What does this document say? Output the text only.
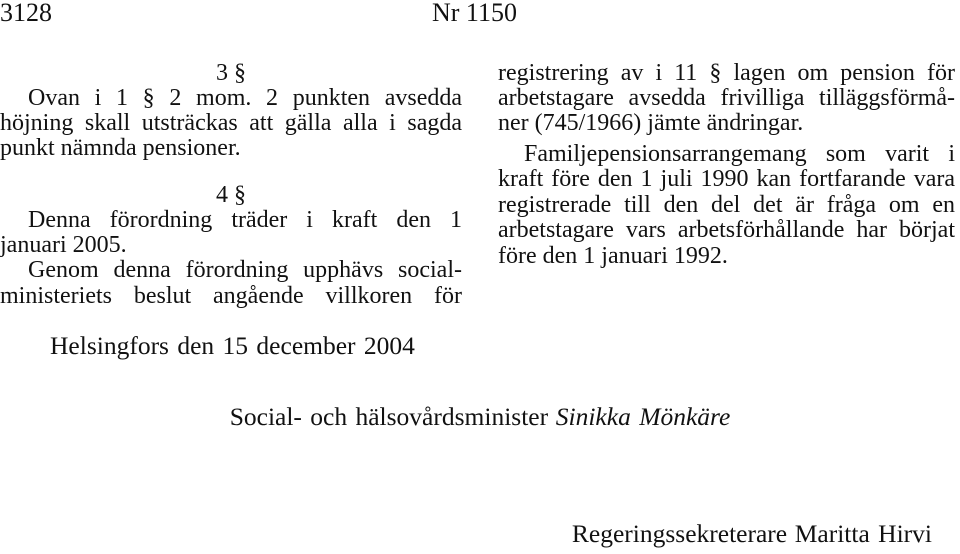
3128	Nr 1150
3 §
Ovan i 1 § 2 mom. 2 punkten avsedda
höjning skall utsträckas att gälla alla i sagda
punkt nämnda pensioner.
4 §
Denna förordning träder i kraft den 1
januari 2005.
Genom denna förordning upphävs social-
ministeriets beslut angående villkoren för
registrering av i 11 § lagen om pension för
arbetstagare avsedda frivilliga tilläggsförmå-
ner (745/1966) jämte ändringar.
Familjepensionsarrangemang som varit i
kraft före den 1 juli 1990 kan fortfarande vara
registrerade till den del det är fråga om en
arbetstagare vars arbetsförhållande har börjat
före den 1 januari 1992.
Helsingfors den 15 december 2004
Social- och hälsovårdsminister Sinikka Mönkäre
Regeringssekreterare Maritta Hirvi
